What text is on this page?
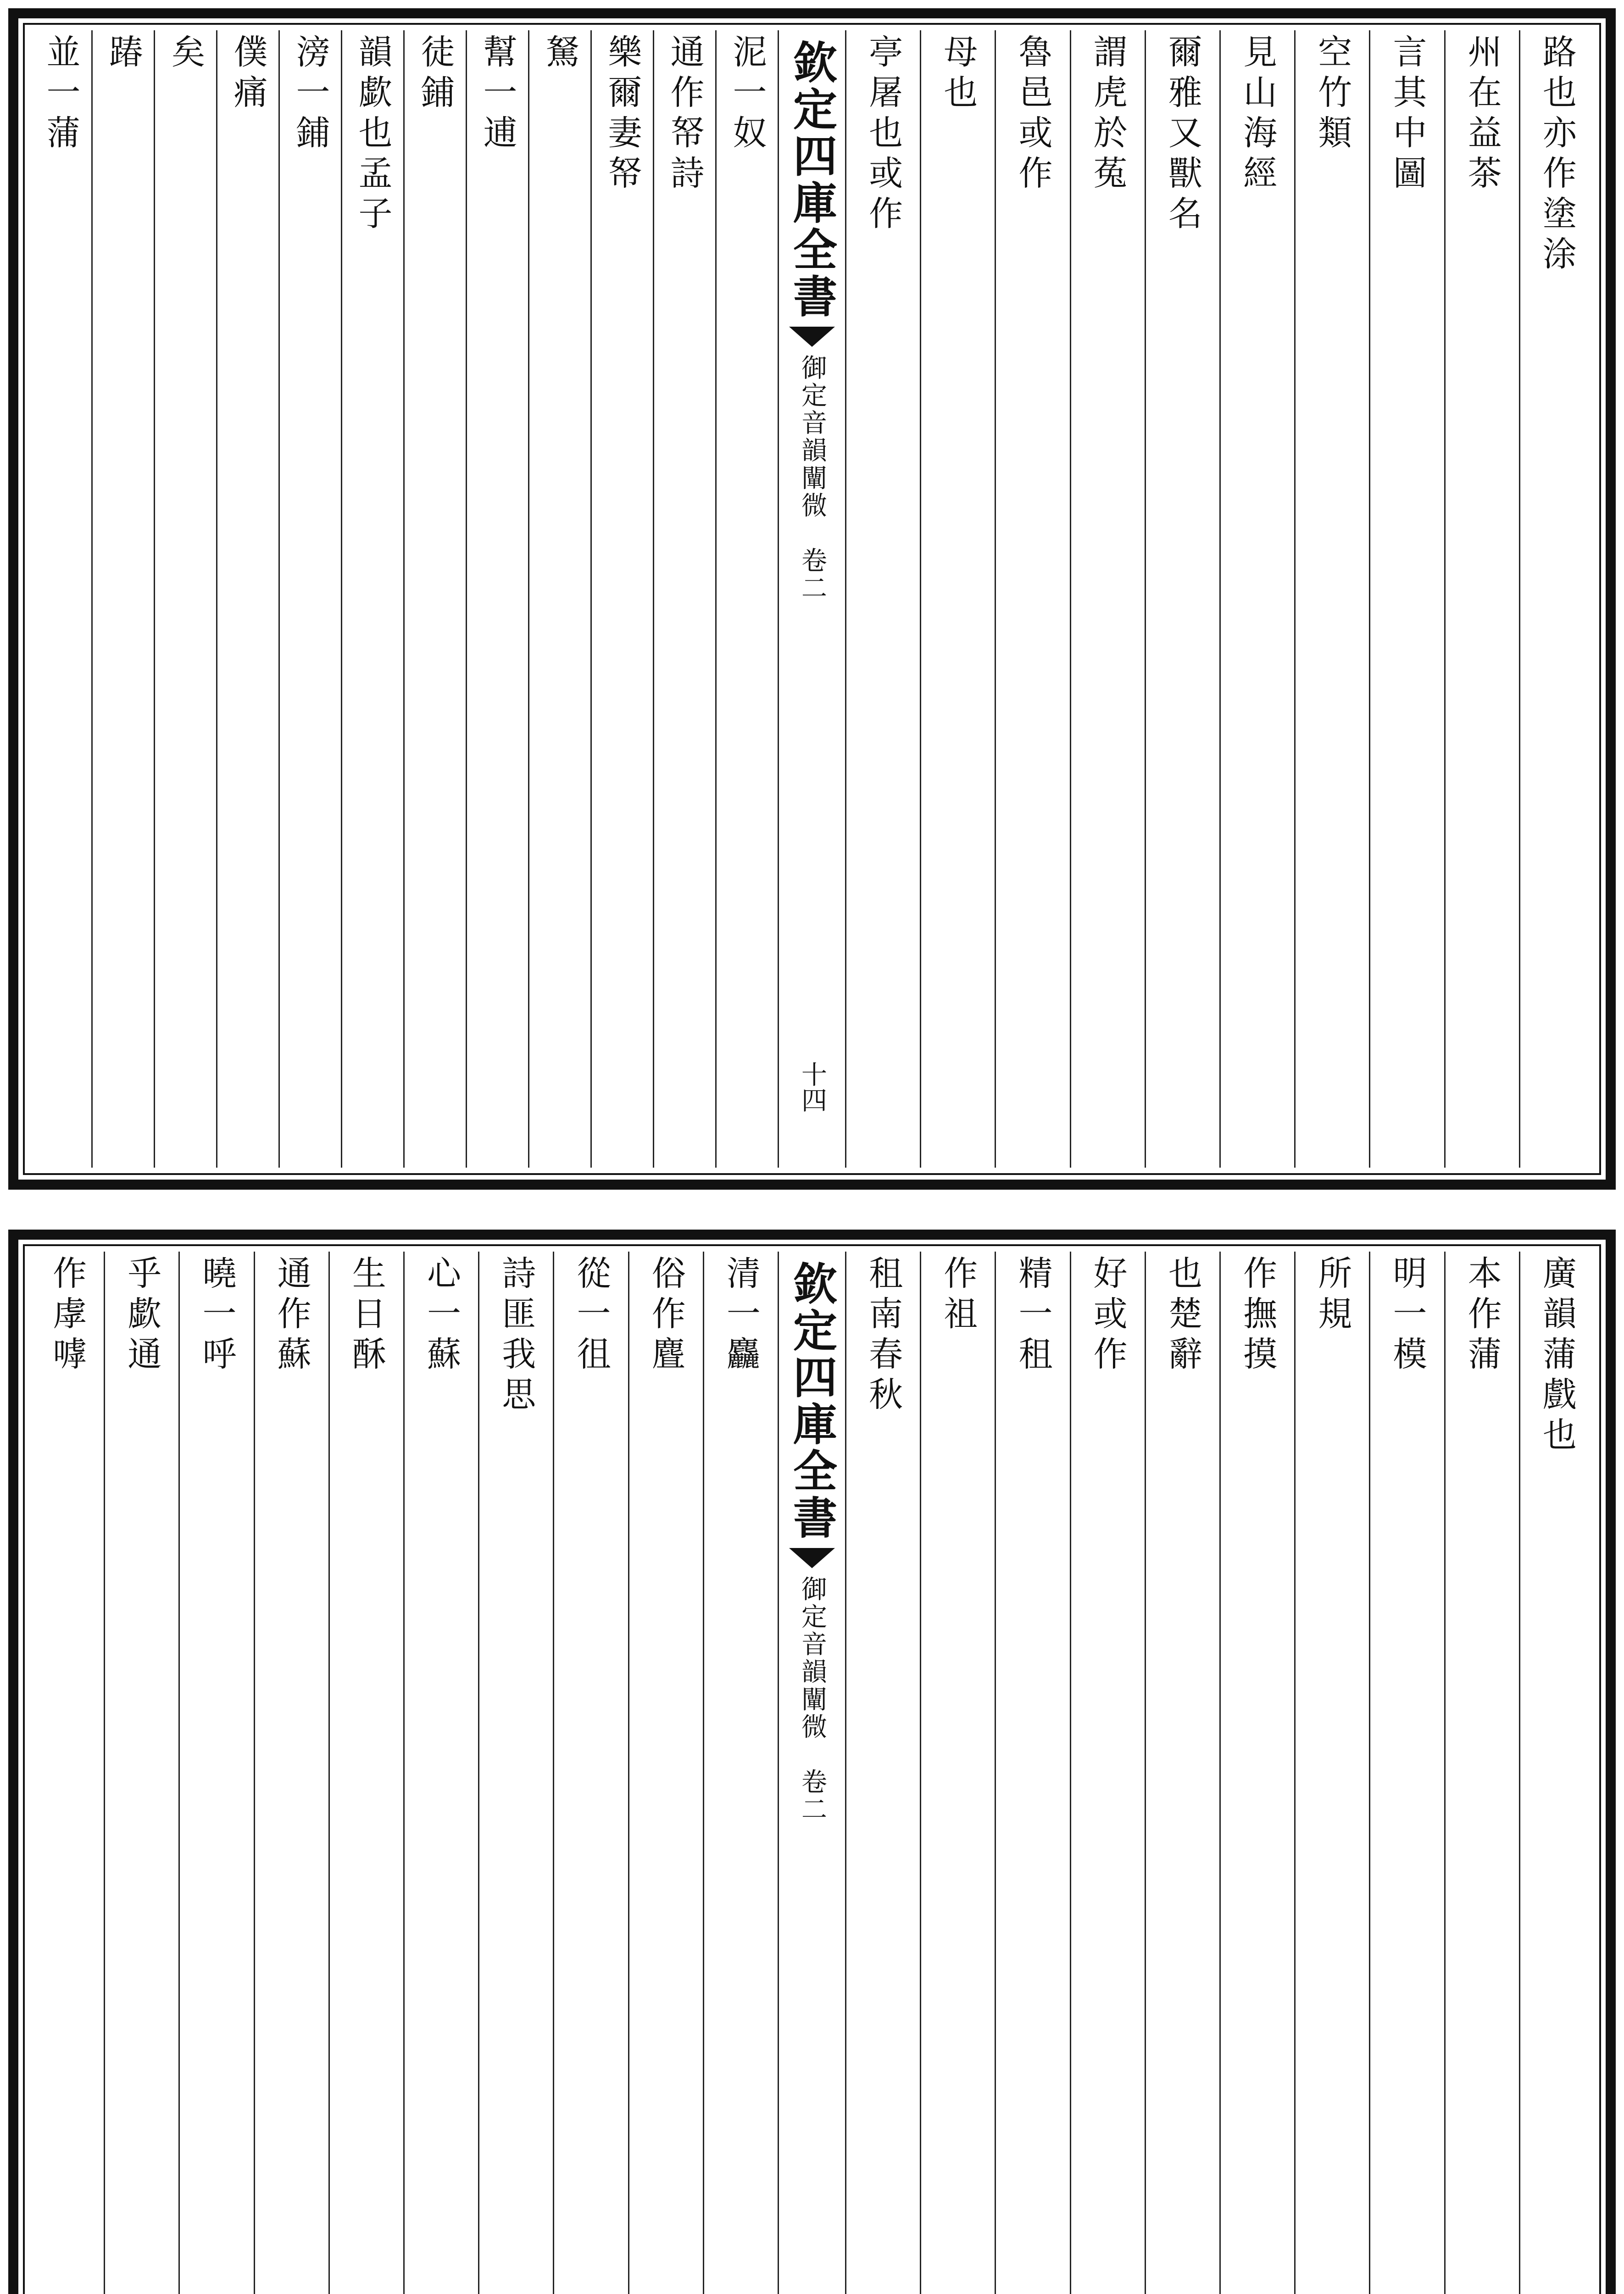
路也亦作塗涂
州在益茶
言其中圖
空竹類
見山海經
爾雅又獸名
謂虎於菟
魯邑或作
母也
亭屠也或作
欽定四庫全書
御定音韻闡微　卷二
十四
泥一奴
通作帑詩
樂爾妻帑
駑
幫一逋
徒鋪
韻歔也孟子
滂一鋪
僕痛
矣
踳
並一蒲
廣韻蒲戲也
本作蒲
明一模
所規
作撫摸
也楚辭
好或作
精一租
作祖
租南春秋
欽定四庫全書
御定音韻闡微　卷二
清一麤
俗作麆
從一徂
詩匪我思
心一蘇
生日酥
通作蘇
曉一呼
乎歔通
作虖嘑
